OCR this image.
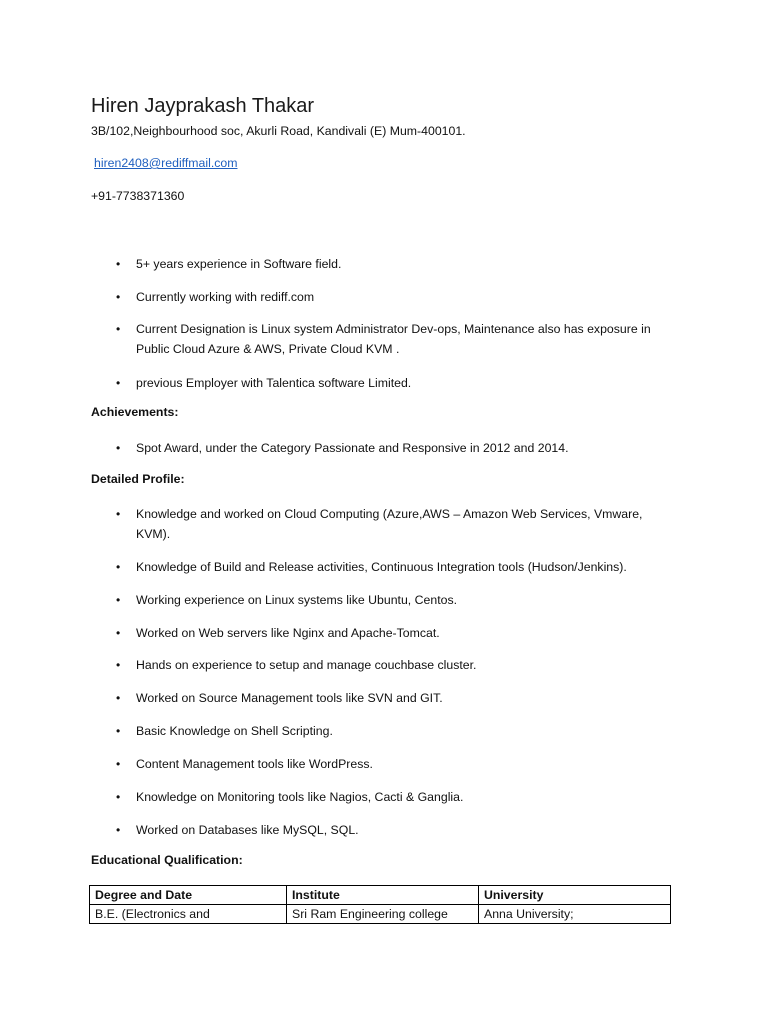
Hiren Jayprakash Thakar
3B/102,Neighbourhood soc, Akurli Road, Kandivali (E) Mum-400101.
hiren2408@rediffmail.com
+91-7738371360
• 5+ years experience in Software field.
• Currently working with rediff.com
• Current Designation is Linux system Administrator Dev-ops, Maintenance also has exposure in Public Cloud Azure & AWS, Private Cloud KVM .
• previous Employer with Talentica software Limited.
Achievements:
• Spot Award, under the Category Passionate and Responsive in 2012 and 2014.
Detailed Profile:
• Knowledge and worked on Cloud Computing (Azure,AWS – Amazon Web Services, Vmware, KVM).
• Knowledge of Build and Release activities, Continuous Integration tools (Hudson/Jenkins).
• Working experience on Linux systems like Ubuntu, Centos.
• Worked on Web servers like Nginx and Apache-Tomcat.
• Hands on experience to setup and manage couchbase cluster.
• Worked on Source Management tools like SVN and GIT.
• Basic Knowledge on Shell Scripting.
• Content Management tools like WordPress.
• Knowledge on Monitoring tools like Nagios, Cacti & Ganglia.
• Worked on Databases like MySQL, SQL.
Educational Qualification:
Degree and Date	Institute	University
B.E. (Electronics and	Sri Ram Engineering college	Anna University;
